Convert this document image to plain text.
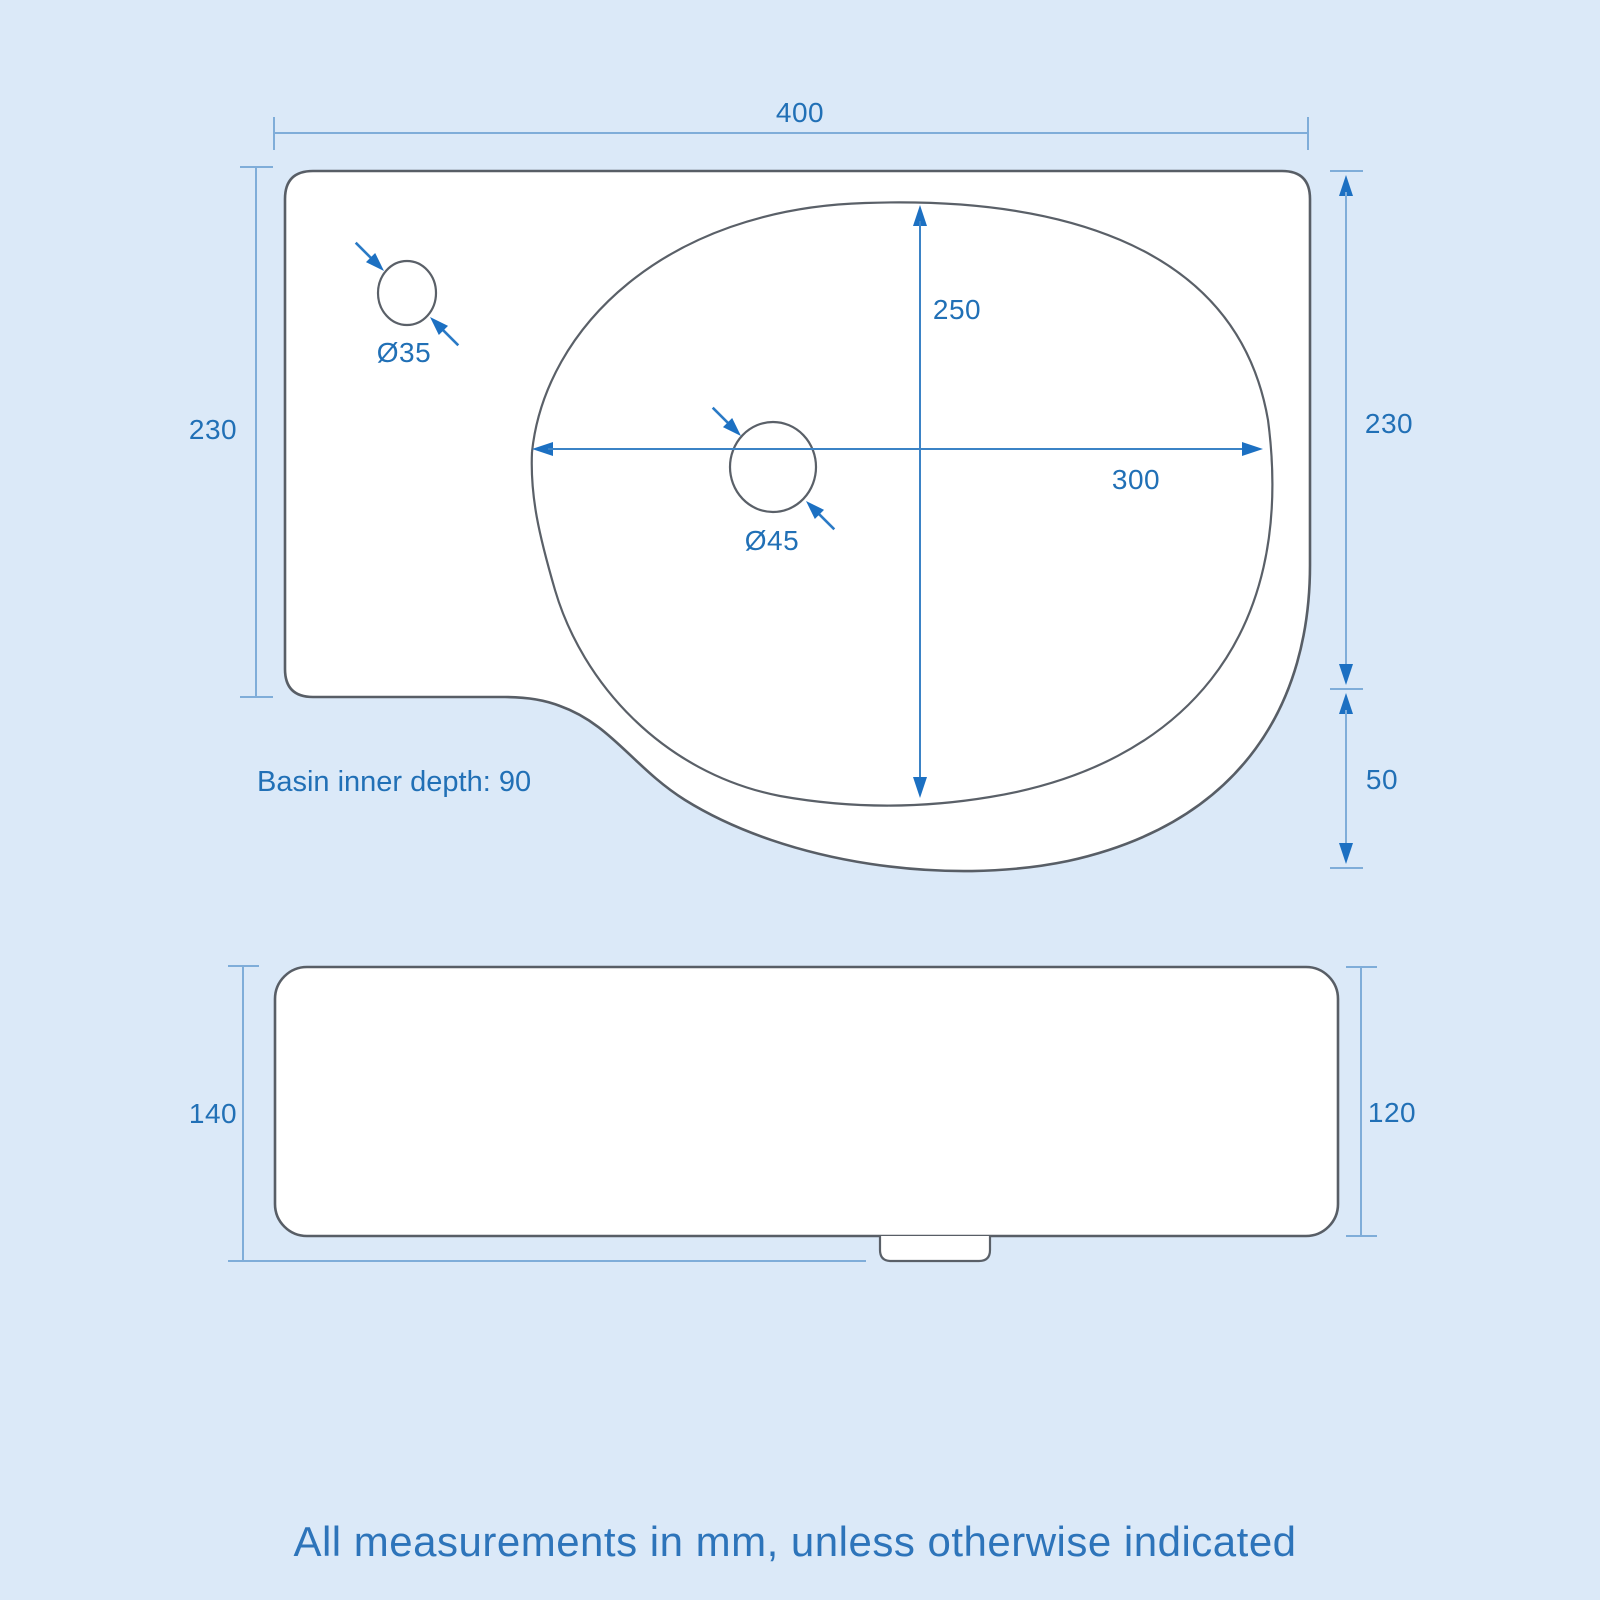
400
230	230
50
300
250
Ø35
Ø45
Basin inner depth: 90
140	120
All measurements in mm, unless otherwise indicated
